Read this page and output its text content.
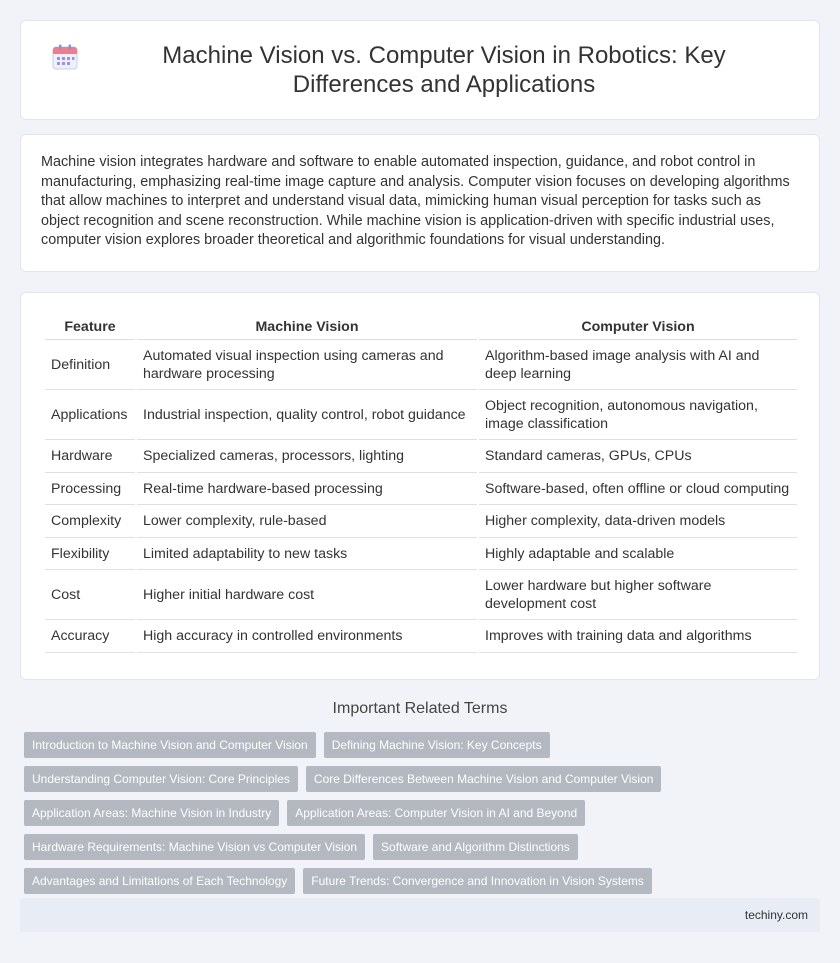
Machine Vision vs. Computer Vision in Robotics: Key Differences and Applications

Machine vision integrates hardware and software to enable automated inspection, guidance, and robot control in manufacturing, emphasizing real-time image capture and analysis. Computer vision focuses on developing algorithms that allow machines to interpret and understand visual data, mimicking human visual perception for tasks such as object recognition and scene reconstruction. While machine vision is application-driven with specific industrial uses, computer vision explores broader theoretical and algorithmic foundations for visual understanding.

Feature	Machine Vision	Computer Vision
Definition	Automated visual inspection using cameras and hardware processing	Algorithm-based image analysis with AI and deep learning
Applications	Industrial inspection, quality control, robot guidance	Object recognition, autonomous navigation, image classification
Hardware	Specialized cameras, processors, lighting	Standard cameras, GPUs, CPUs
Processing	Real-time hardware-based processing	Software-based, often offline or cloud computing
Complexity	Lower complexity, rule-based	Higher complexity, data-driven models
Flexibility	Limited adaptability to new tasks	Highly adaptable and scalable
Cost	Higher initial hardware cost	Lower hardware but higher software development cost
Accuracy	High accuracy in controlled environments	Improves with training data and algorithms
Important Related Terms
Introduction to Machine Vision and Computer Vision	Defining Machine Vision: Key Concepts
Understanding Computer Vision: Core Principles	Core Differences Between Machine Vision and Computer Vision
Application Areas: Machine Vision in Industry	Application Areas: Computer Vision in AI and Beyond
Hardware Requirements: Machine Vision vs Computer Vision	Software and Algorithm Distinctions
Advantages and Limitations of Each Technology	Future Trends: Convergence and Innovation in Vision Systems
techiny.com
